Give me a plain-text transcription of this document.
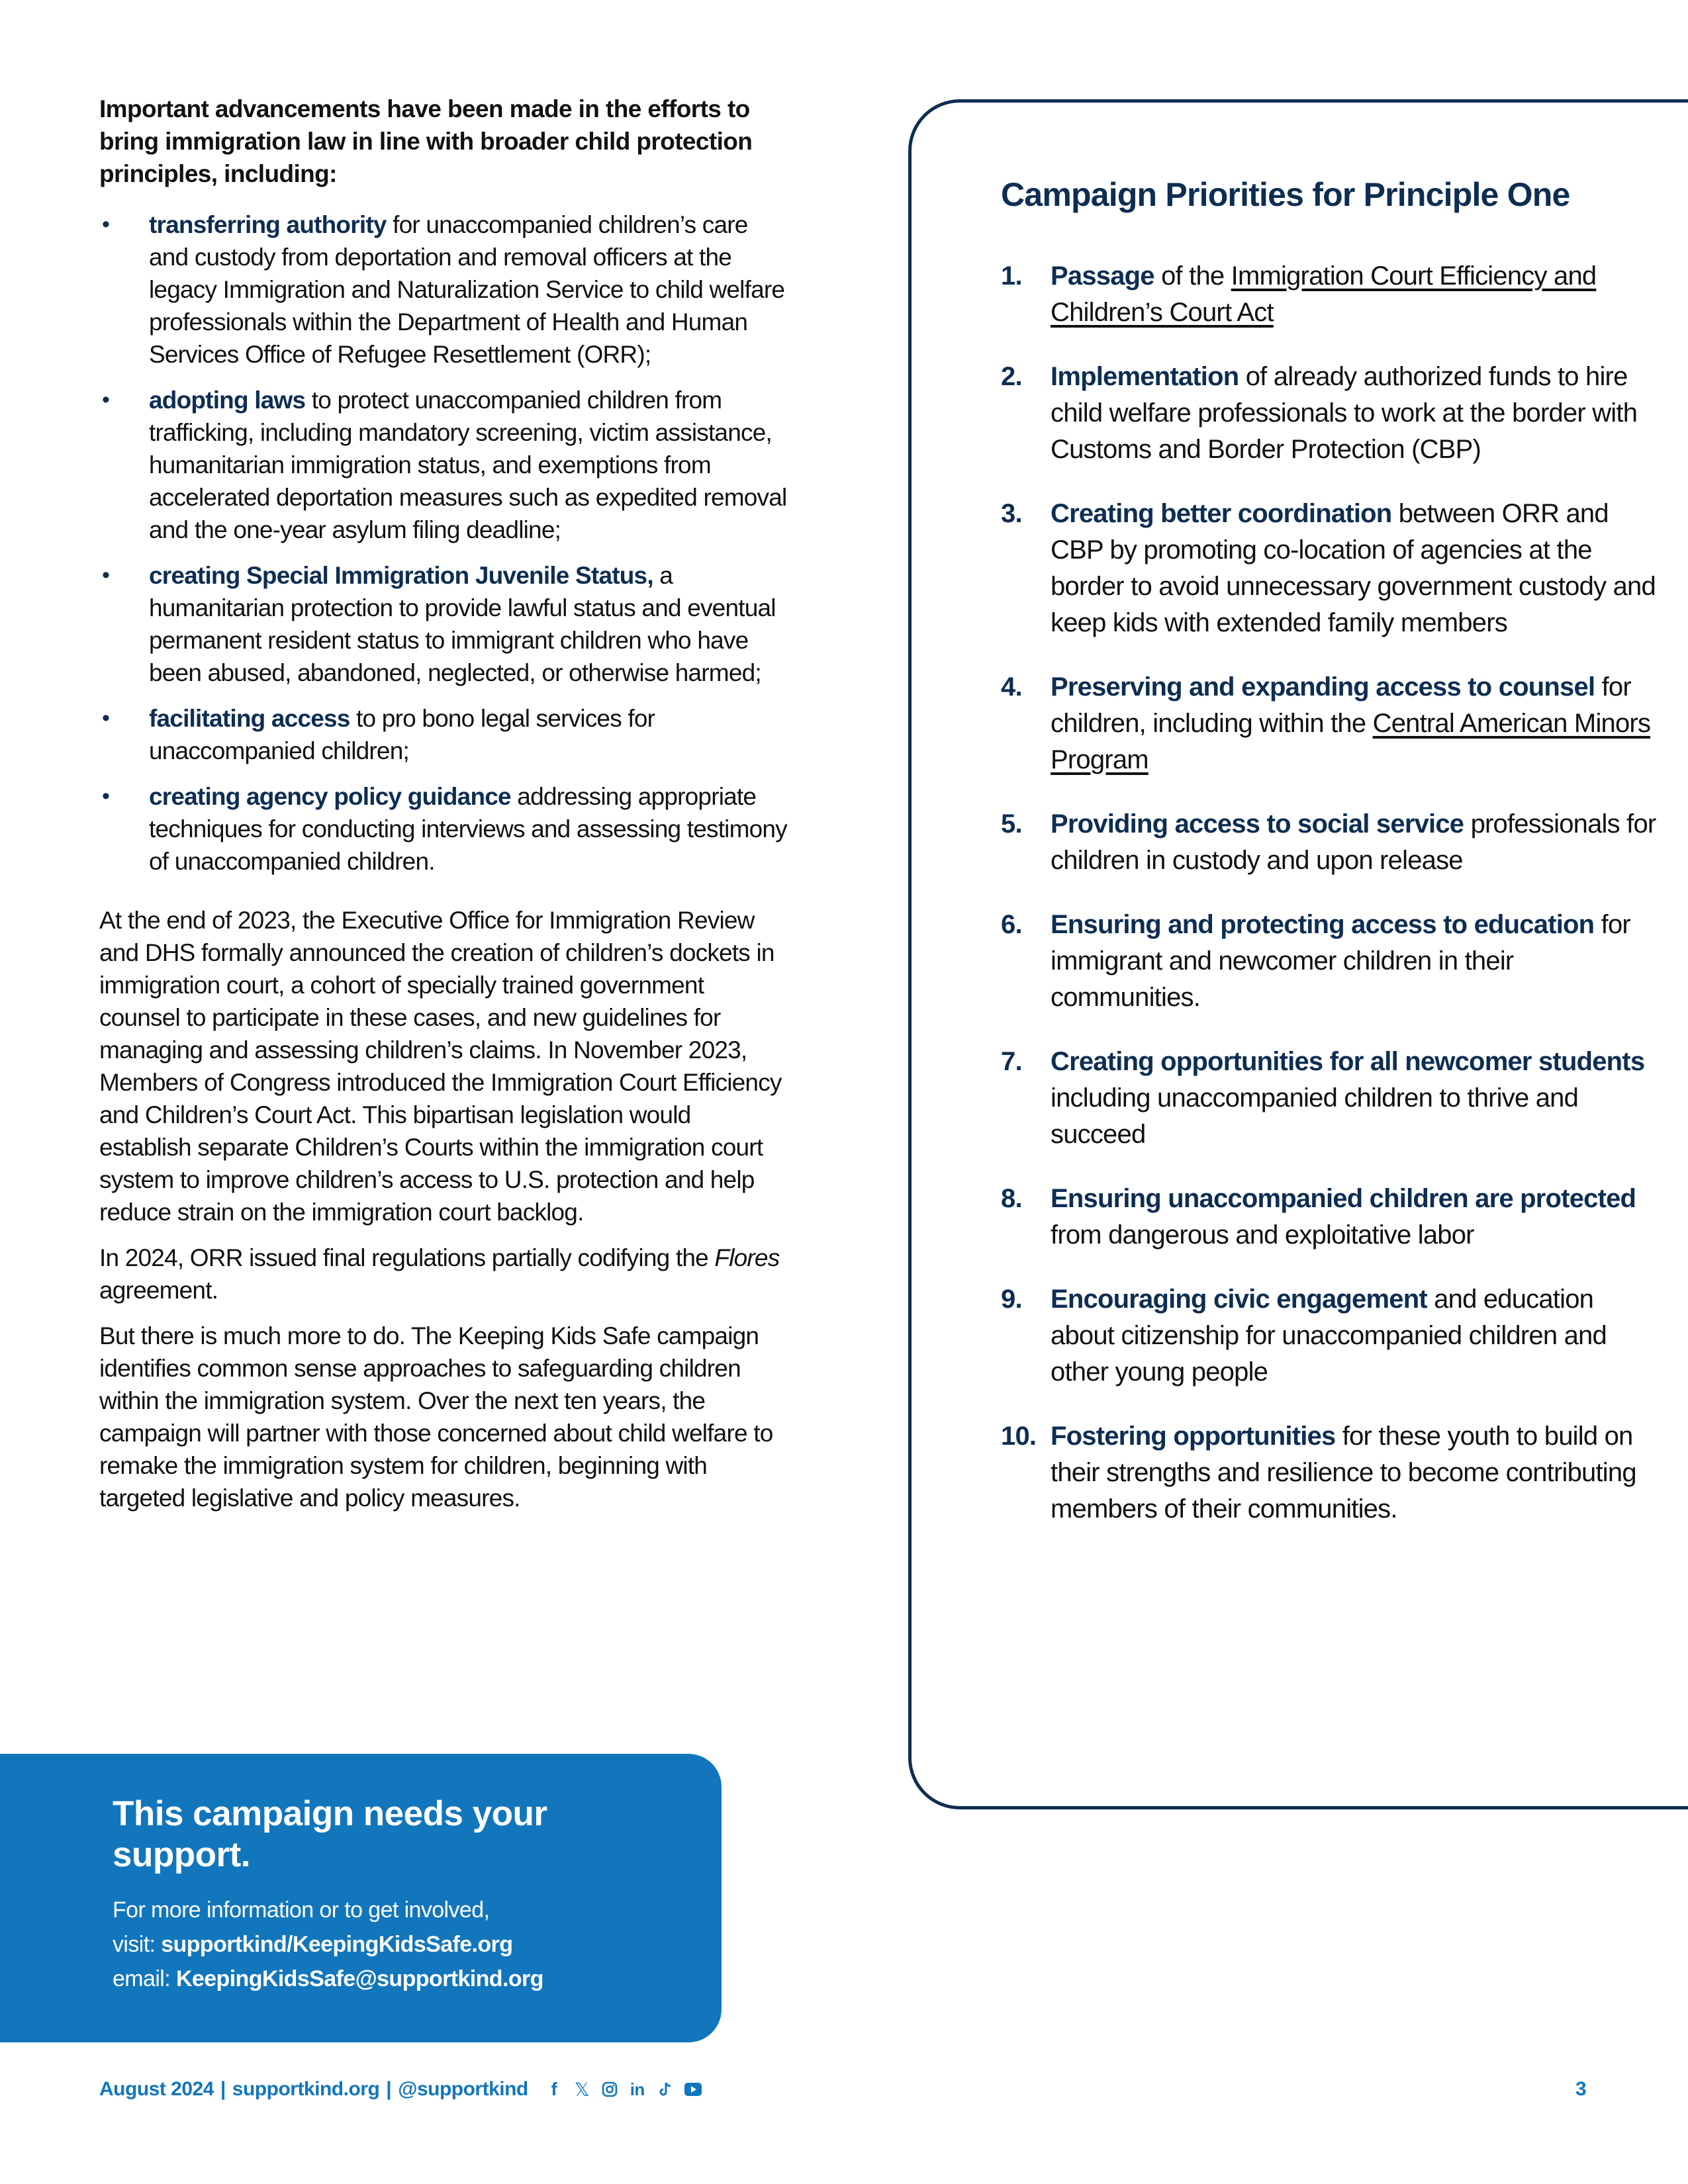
Important advancements have been made in the efforts to bring immigration law in line with broader child protection principles, including:

• transferring authority for unaccompanied children’s care and custody from deportation and removal officers at the legacy Immigration and Naturalization Service to child welfare professionals within the Department of Health and Human Services Office of Refugee Resettlement (ORR);
• adopting laws to protect unaccompanied children from trafficking, including mandatory screening, victim assistance, humanitarian immigration status, and exemptions from accelerated deportation measures such as expedited removal and the one-year asylum filing deadline;
• creating Special Immigration Juvenile Status, a humanitarian protection to provide lawful status and eventual permanent resident status to immigrant children who have been abused, abandoned, neglected, or otherwise harmed;
• facilitating access to pro bono legal services for unaccompanied children;
• creating agency policy guidance addressing appropriate techniques for conducting interviews and assessing testimony of unaccompanied children.

At the end of 2023, the Executive Office for Immigration Review and DHS formally announced the creation of children’s dockets in immigration court, a cohort of specially trained government counsel to participate in these cases, and new guidelines for managing and assessing children’s claims. In November 2023, Members of Congress introduced the Immigration Court Efficiency and Children’s Court Act. This bipartisan legislation would establish separate Children’s Courts within the immigration court system to improve children’s access to U.S. protection and help reduce strain on the immigration court backlog.

In 2024, ORR issued final regulations partially codifying the Flores agreement.

But there is much more to do. The Keeping Kids Safe campaign identifies common sense approaches to safeguarding children within the immigration system. Over the next ten years, the campaign will partner with those concerned about child welfare to remake the immigration system for children, beginning with targeted legislative and policy measures.

Campaign Priorities for Principle One
1. Passage of the Immigration Court Efficiency and Children’s Court Act
2. Implementation of already authorized funds to hire child welfare professionals to work at the border with Customs and Border Protection (CBP)
3. Creating better coordination between ORR and CBP by promoting co-location of agencies at the border to avoid unnecessary government custody and keep kids with extended family members
4. Preserving and expanding access to counsel for children, including within the Central American Minors Program
5. Providing access to social service professionals for children in custody and upon release
6. Ensuring and protecting access to education for immigrant and newcomer children in their communities.
7. Creating opportunities for all newcomer students including unaccompanied children to thrive and succeed
8. Ensuring unaccompanied children are protected from dangerous and exploitative labor
9. Encouraging civic engagement and education about citizenship for unaccompanied children and other young people
10. Fostering opportunities for these youth to build on their strengths and resilience to become contributing members of their communities.
This campaign needs your support.
For more information or to get involved,
visit: supportkind/KeepingKidsSafe.org
email: KeepingKidsSafe@supportkind.org
August 2024 | supportkind.org | @supportkind	f 𝕏 in	3
